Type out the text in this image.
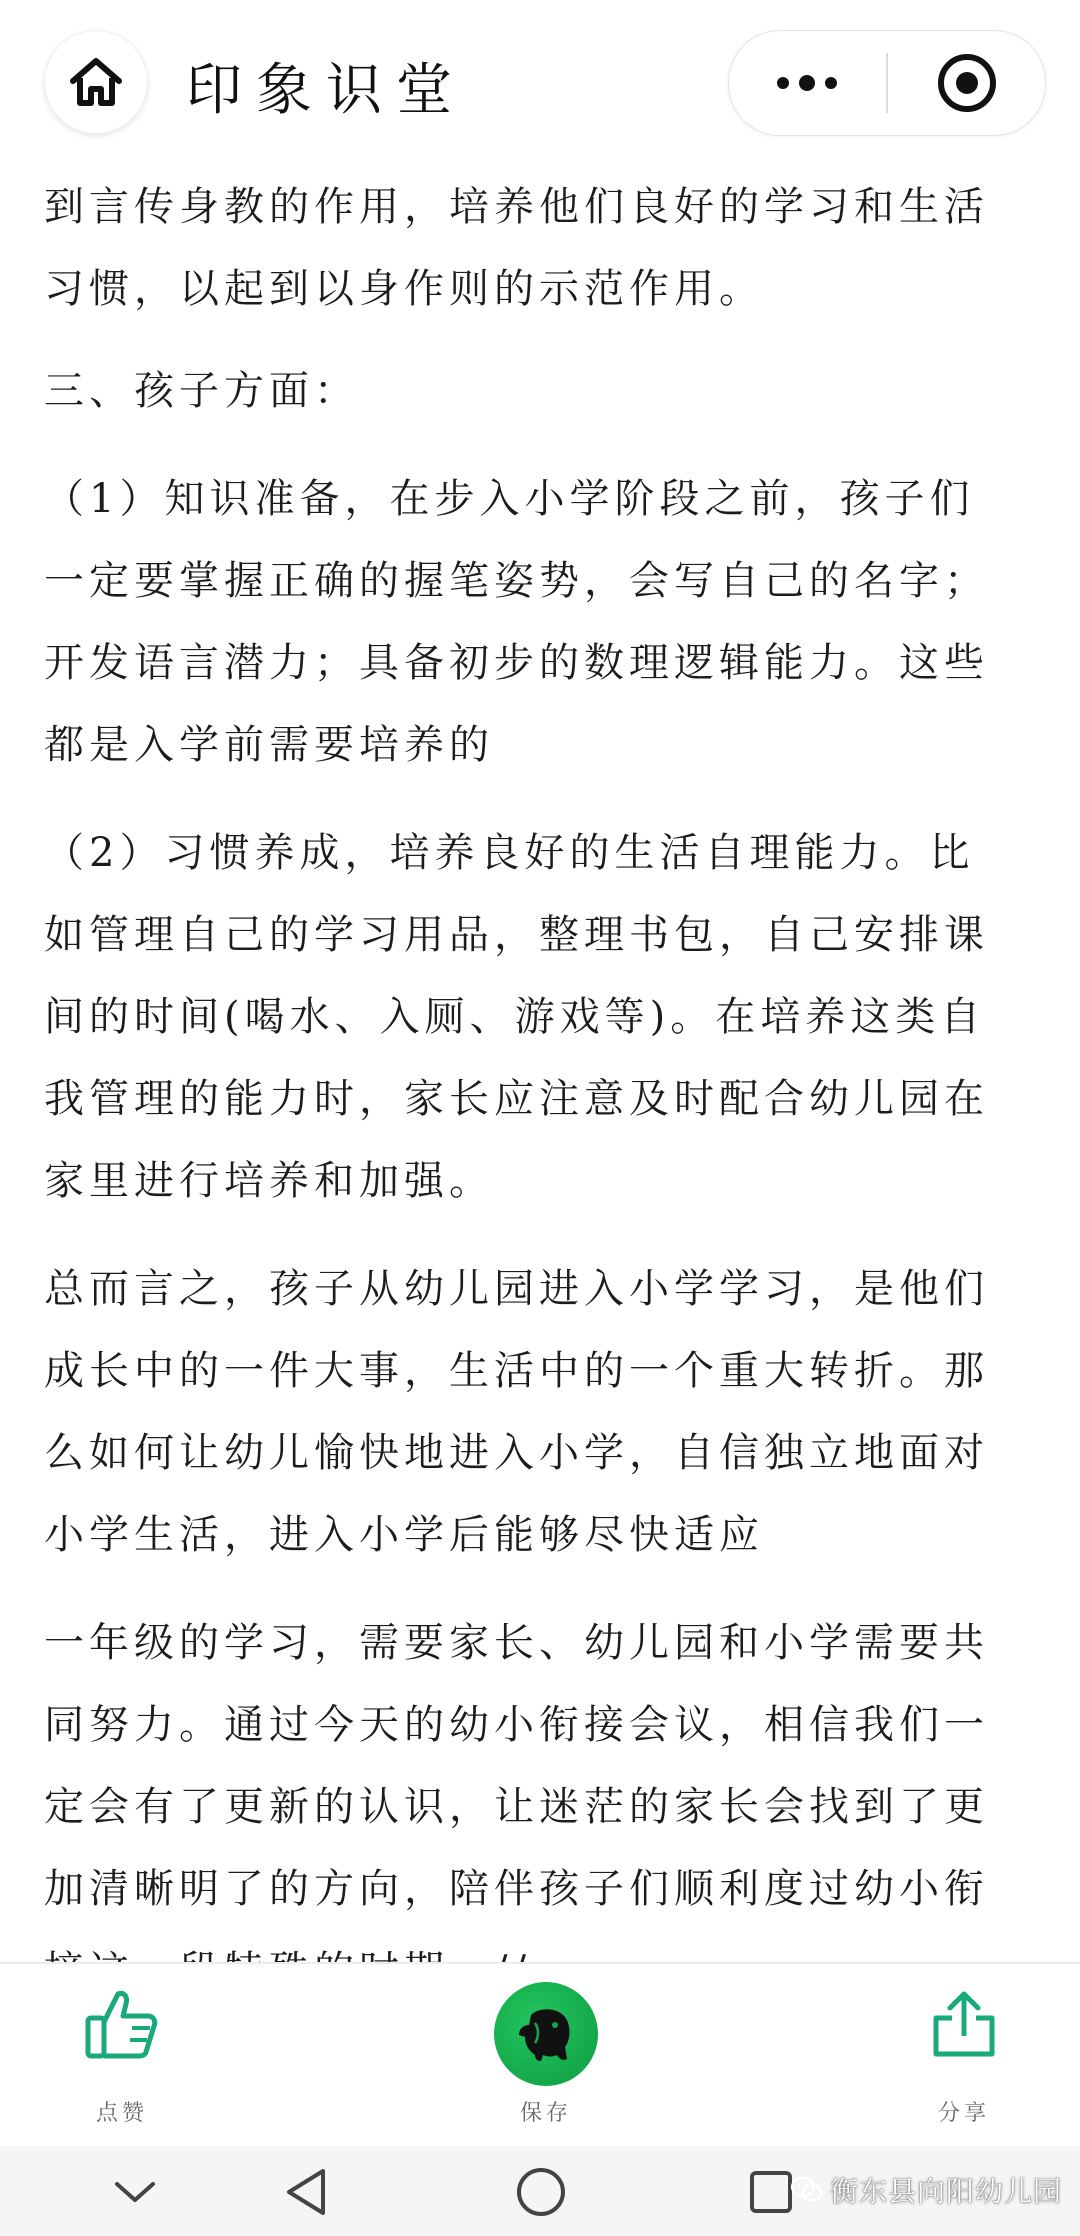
印象识堂
到言传身教的作用，培养他们良好的学习和生活
习惯，以起到以身作则的示范作用。
三、孩子方面：
（1）知识准备，在步入小学阶段之前，孩子们
一定要掌握正确的握笔姿势，会写自己的名字；
开发语言潜力；具备初步的数理逻辑能力。这些
都是入学前需要培养的
（2）习惯养成，培养良好的生活自理能力。比
如管理自己的学习用品，整理书包，自己安排课
间的时间(喝水、入厕、游戏等)。在培养这类自
我管理的能力时，家长应注意及时配合幼儿园在
家里进行培养和加强。
总而言之，孩子从幼儿园进入小学学习，是他们
成长中的一件大事，生活中的一个重大转折。那
么如何让幼儿愉快地进入小学，自信独立地面对
小学生活，进入小学后能够尽快适应
一年级的学习，需要家长、幼儿园和小学需要共
同努力。通过今天的幼小衔接会议，相信我们一
定会有了更新的认识，让迷茫的家长会找到了更
加清晰明了的方向，陪伴孩子们顺利度过幼小衔
点赞	保存	分享
衡东县向阳幼儿园
